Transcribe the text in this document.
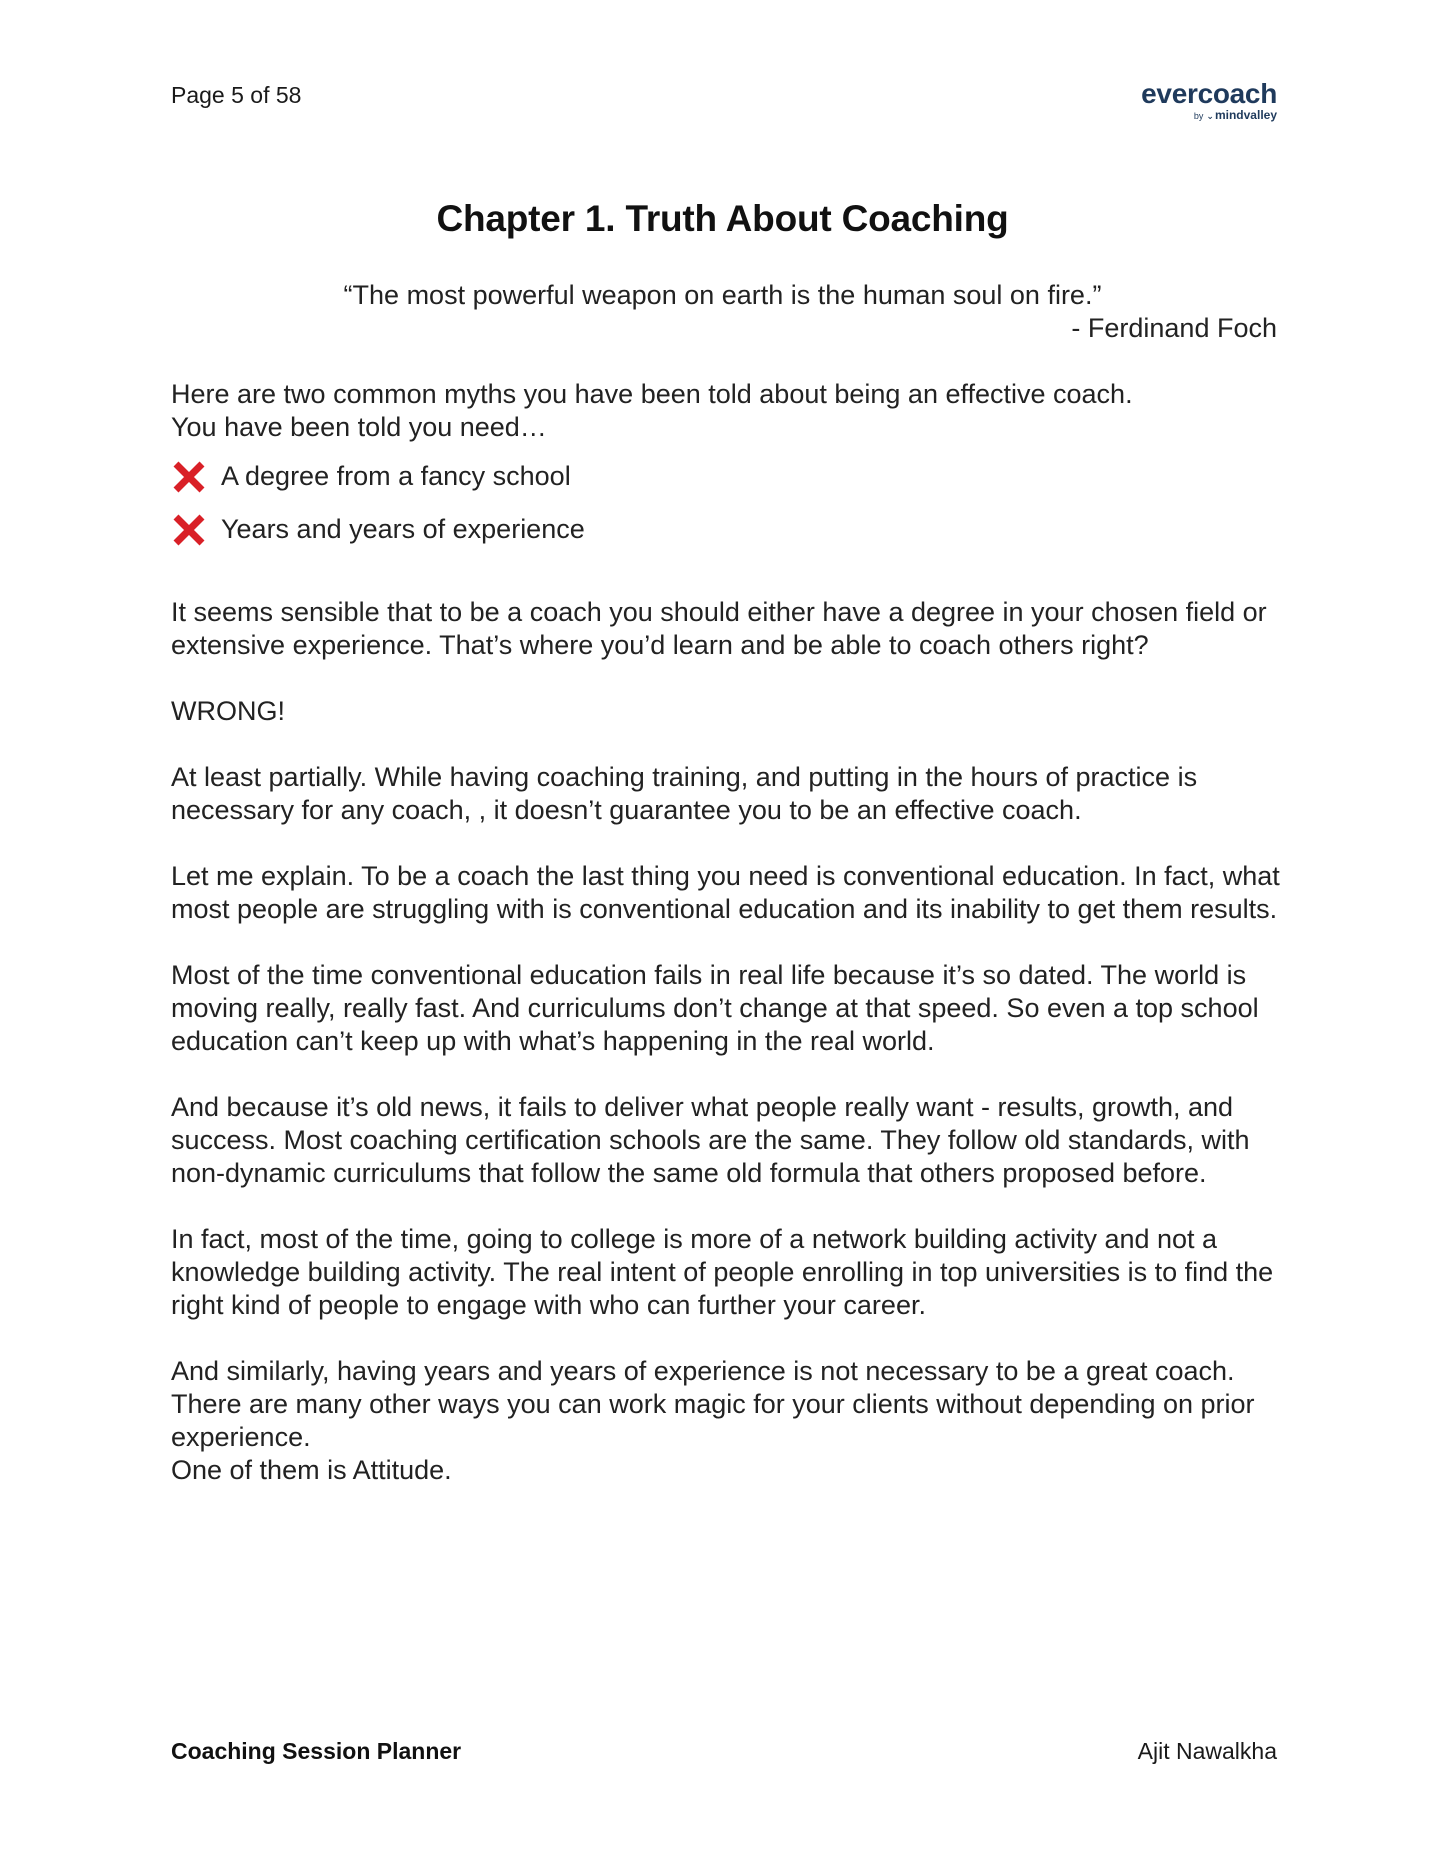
Page 5 of 58	evercoach
by ⌄mindvalley
Chapter 1. Truth About Coaching
“The most powerful weapon on earth is the human soul on fire.”
- Ferdinand Foch

Here are two common myths you have been told about being an effective coach.

You have been told you need…

A degree from a fancy school
Years and years of experience

It seems sensible that to be a coach you should either have a degree in your chosen field or extensive experience. That’s where you’d learn and be able to coach others right?

WRONG!

At least partially. While having coaching training, and putting in the hours of practice is necessary for any coach, , it doesn’t guarantee you to be an effective coach.

Let me explain. To be a coach the last thing you need is conventional education. In fact, what most people are struggling with is conventional education and its inability to get them results.

Most of the time conventional education fails in real life because it’s so dated. The world is moving really, really fast. And curriculums don’t change at that speed. So even a top school education can’t keep up with what’s happening in the real world.

And because it’s old news, it fails to deliver what people really want - results, growth, and success. Most coaching certification schools are the same. They follow old standards, with non-dynamic curriculums that follow the same old formula that others proposed before.

In fact, most of the time, going to college is more of a network building activity and not a knowledge building activity. The real intent of people enrolling in top universities is to find the right kind of people to engage with who can further your career.

And similarly, having years and years of experience is not necessary to be a great coach. There are many other ways you can work magic for your clients without depending on prior experience.

One of them is Attitude.

Coaching Session Planner	Ajit Nawalkha
